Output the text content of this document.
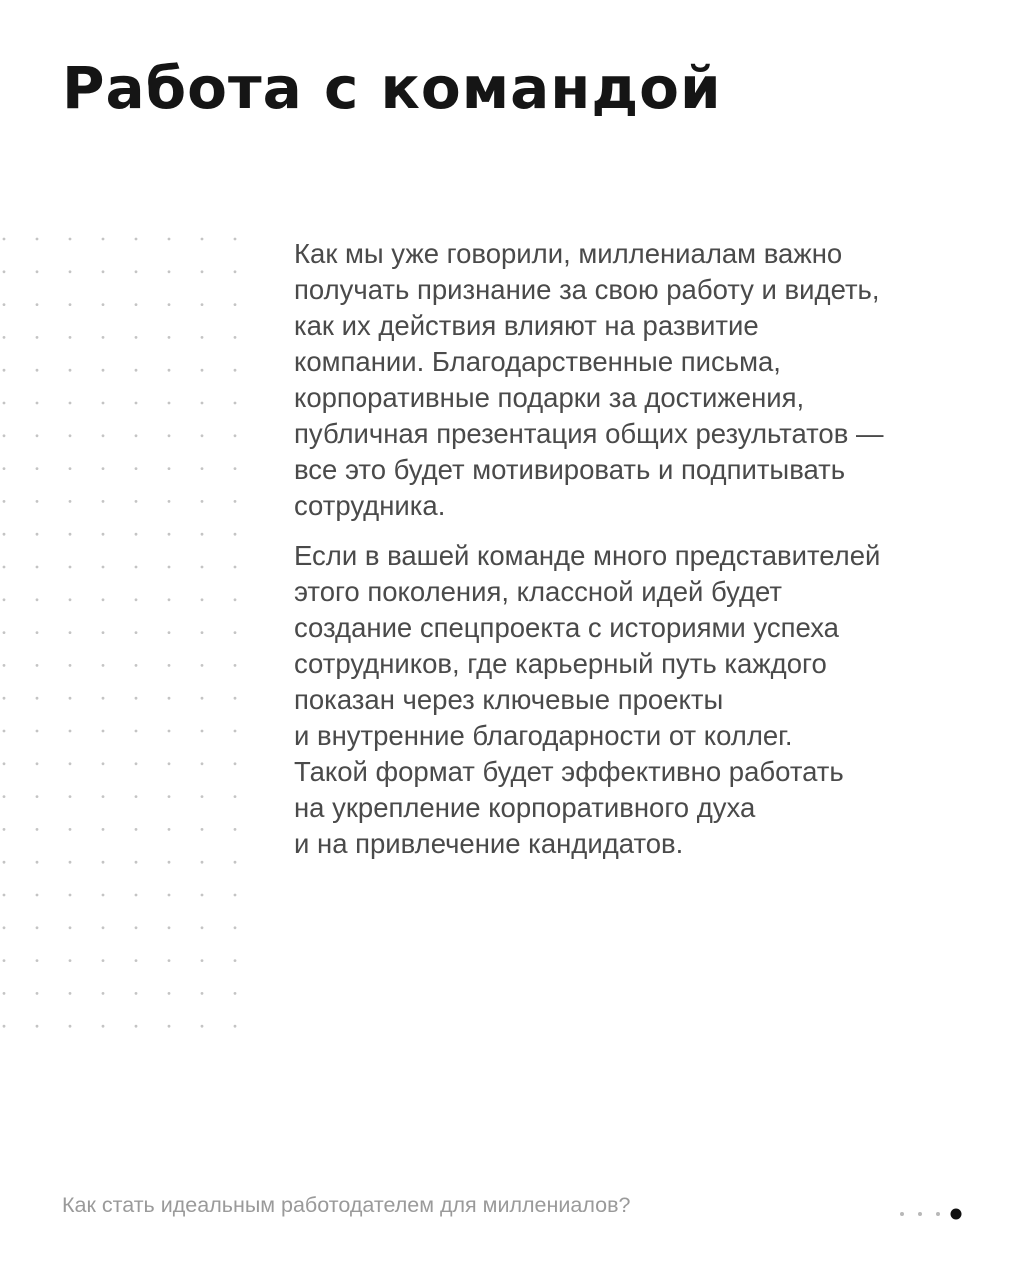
Работа с командой

Как мы уже говорили, миллениалам важно
получать признание за свою работу и видеть,
как их действия влияют на развитие
компании. Благодарственные письма,
корпоративные подарки за достижения,
публичная презентация общих результатов —
все это будет мотивировать и подпитывать
сотрудника.

Если в вашей команде много представителей
этого поколения, классной идей будет
создание спецпроекта с историями успеха
сотрудников, где карьерный путь каждого
показан через ключевые проекты
и внутренние благодарности от коллег.
Такой формат будет эффективно работать
на укрепление корпоративного духа
и на привлечение кандидатов.

Как стать идеальным работодателем для миллениалов?
